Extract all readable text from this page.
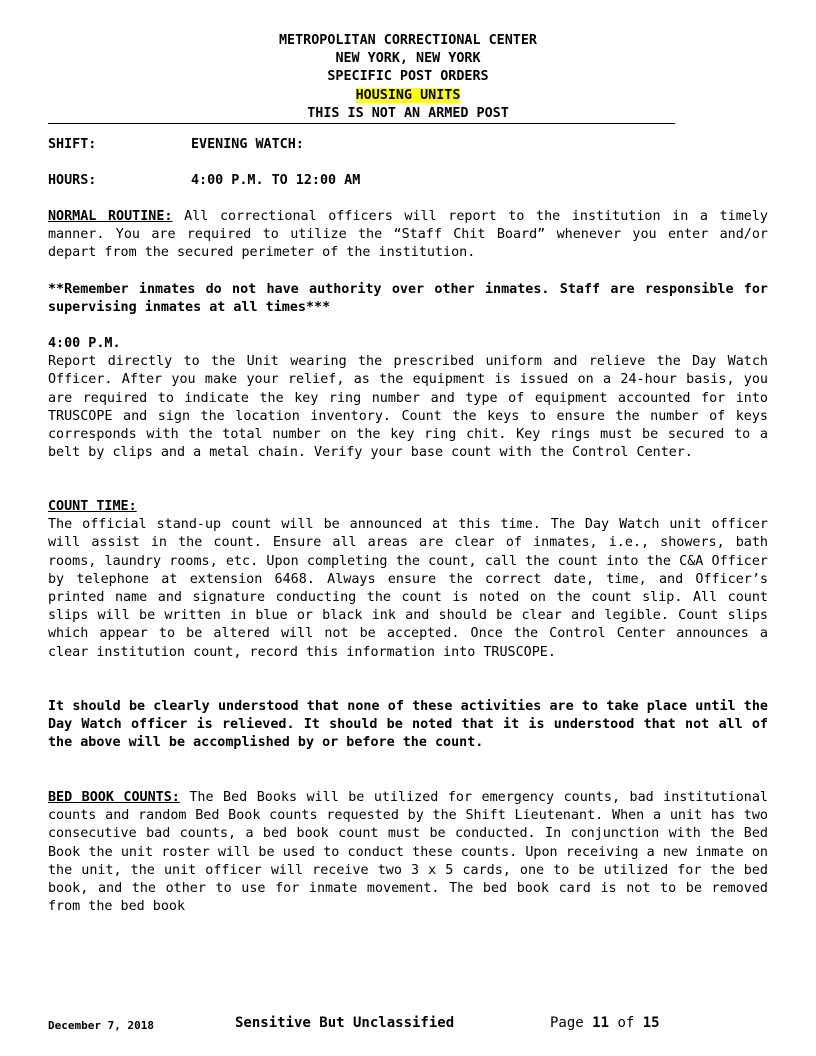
METROPOLITAN CORRECTIONAL CENTER
NEW YORK, NEW YORK
SPECIFIC POST ORDERS
HOUSING UNITS
THIS IS NOT AN ARMED POST
SHIFT:	EVENING WATCH:
HOURS:	4:00 P.M. TO 12:00 AM
NORMAL ROUTINE: All correctional officers will report to the institution in a timely manner. You are required to utilize the “Staff Chit Board” whenever you enter and/or depart from the secured perimeter of the institution.
**Remember inmates do not have authority over other inmates. Staff are responsible for supervising inmates at all times***
4:00 P.M.
Report directly to the Unit wearing the prescribed uniform and relieve the Day Watch Officer. After you make your relief, as the equipment is issued on a 24-hour basis, you are required to indicate the key ring number and type of equipment accounted for into TRUSCOPE and sign the location inventory. Count the keys to ensure the number of keys corresponds with the total number on the key ring chit. Key rings must be secured to a belt by clips and a metal chain. Verify your base count with the Control Center.
COUNT TIME:
The official stand-up count will be announced at this time. The Day Watch unit officer will assist in the count. Ensure all areas are clear of inmates, i.e., showers, bath rooms, laundry rooms, etc. Upon completing the count, call the count into the C&A Officer by telephone at extension 6468. Always ensure the correct date, time, and Officer’s printed name and signature conducting the count is noted on the count slip. All count slips will be written in blue or black ink and should be clear and legible. Count slips which appear to be altered will not be accepted. Once the Control Center announces a clear institution count, record this information into TRUSCOPE.
It should be clearly understood that none of these activities are to take place until the Day Watch officer is relieved. It should be noted that it is understood that not all of the above will be accomplished by or before the count.
BED BOOK COUNTS: The Bed Books will be utilized for emergency counts, bad institutional counts and random Bed Book counts requested by the Shift Lieutenant. When a unit has two consecutive bad counts, a bed book count must be conducted. In conjunction with the Bed Book the unit roster will be used to conduct these counts. Upon receiving a new inmate on the unit, the unit officer will receive two 3 x 5 cards, one to be utilized for the bed book, and the other to use for inmate movement. The bed book card is not to be removed from the bed book
December 7, 2018	Sensitive But Unclassified	Page 11 of 15
